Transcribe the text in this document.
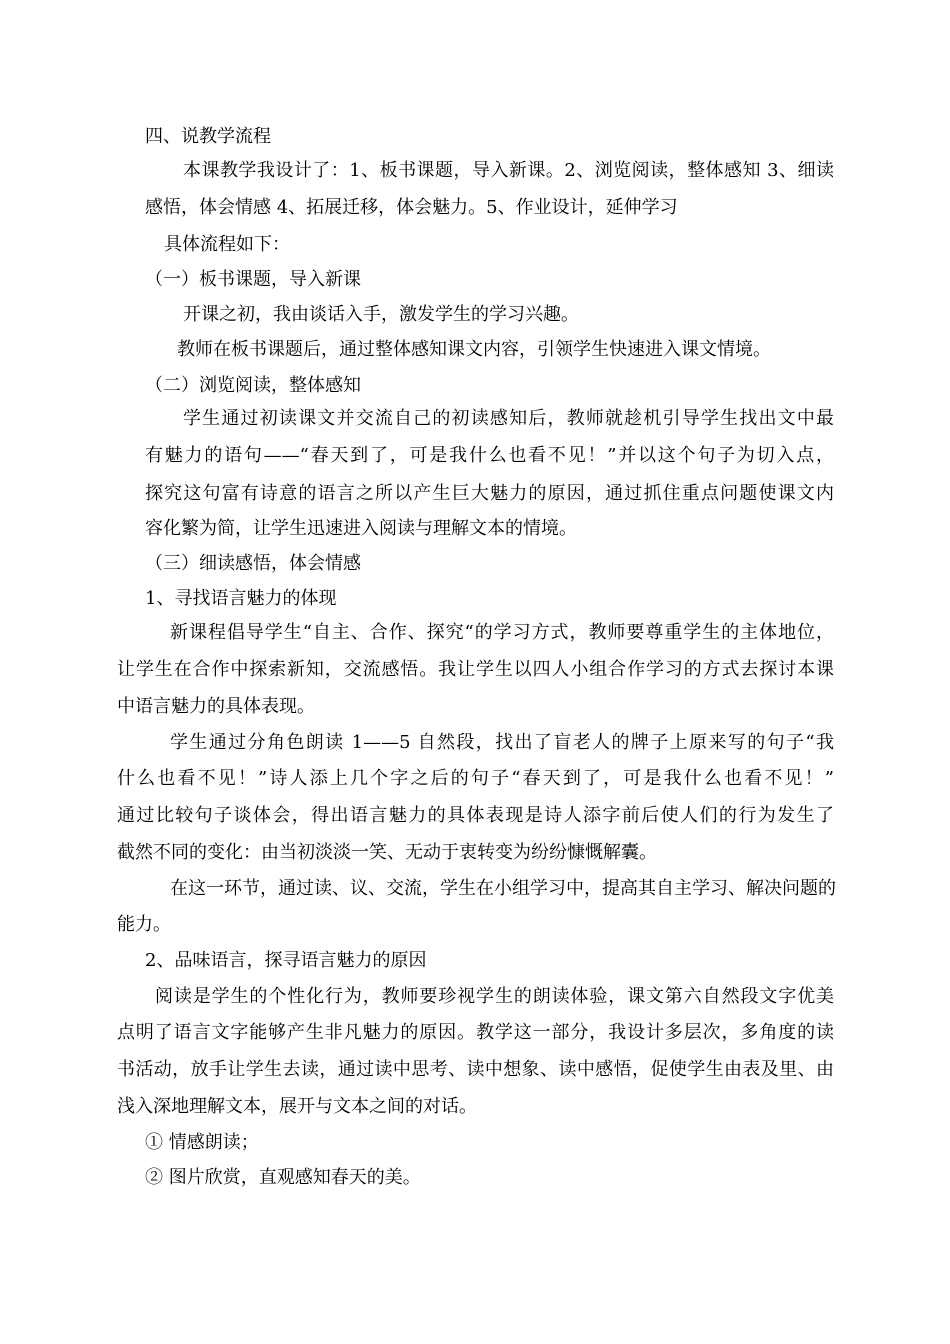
四、说教学流程

本课教学我设计了：1、板书课题，导入新课。2、浏览阅读，整体感知 3、细读

感悟，体会情感 4、拓展迁移，体会魅力。5、作业设计，延伸学习

具体流程如下：

（一）板书课题，导入新课

开课之初，我由谈话入手，激发学生的学习兴趣。

教师在板书课题后，通过整体感知课文内容，引领学生快速进入课文情境。

（二）浏览阅读，整体感知

学生通过初读课文并交流自己的初读感知后，教师就趁机引导学生找出文中最

有魅力的语句——“春天到了，可是我什么也看不见！”并以这个句子为切入点，

探究这句富有诗意的语言之所以产生巨大魅力的原因，通过抓住重点问题使课文内

容化繁为简，让学生迅速进入阅读与理解文本的情境。

（三）细读感悟，体会情感

1、寻找语言魅力的体现

新课程倡导学生“自主、合作、探究“的学习方式，教师要尊重学生的主体地位，

让学生在合作中探索新知，交流感悟。我让学生以四人小组合作学习的方式去探讨本课

中语言魅力的具体表现。

学生通过分角色朗读 1——5 自然段，找出了盲老人的牌子上原来写的句子“我

什么也看不见！”诗人添上几个字之后的句子“春天到了，可是我什么也看不见！”

通过比较句子谈体会，得出语言魅力的具体表现是诗人添字前后使人们的行为发生了

截然不同的变化：由当初淡淡一笑、无动于衷转变为纷纷慷慨解囊。

在这一环节，通过读、议、交流，学生在小组学习中，提高其自主学习、解决问题的

能力。

2、品味语言，探寻语言魅力的原因

阅读是学生的个性化行为，教师要珍视学生的朗读体验，课文第六自然段文字优美

点明了语言文字能够产生非凡魅力的原因。教学这一部分，我设计多层次，多角度的读

书活动，放手让学生去读，通过读中思考、读中想象、读中感悟，促使学生由表及里、由

浅入深地理解文本，展开与文本之间的对话。

① 情感朗读；

② 图片欣赏，直观感知春天的美。
